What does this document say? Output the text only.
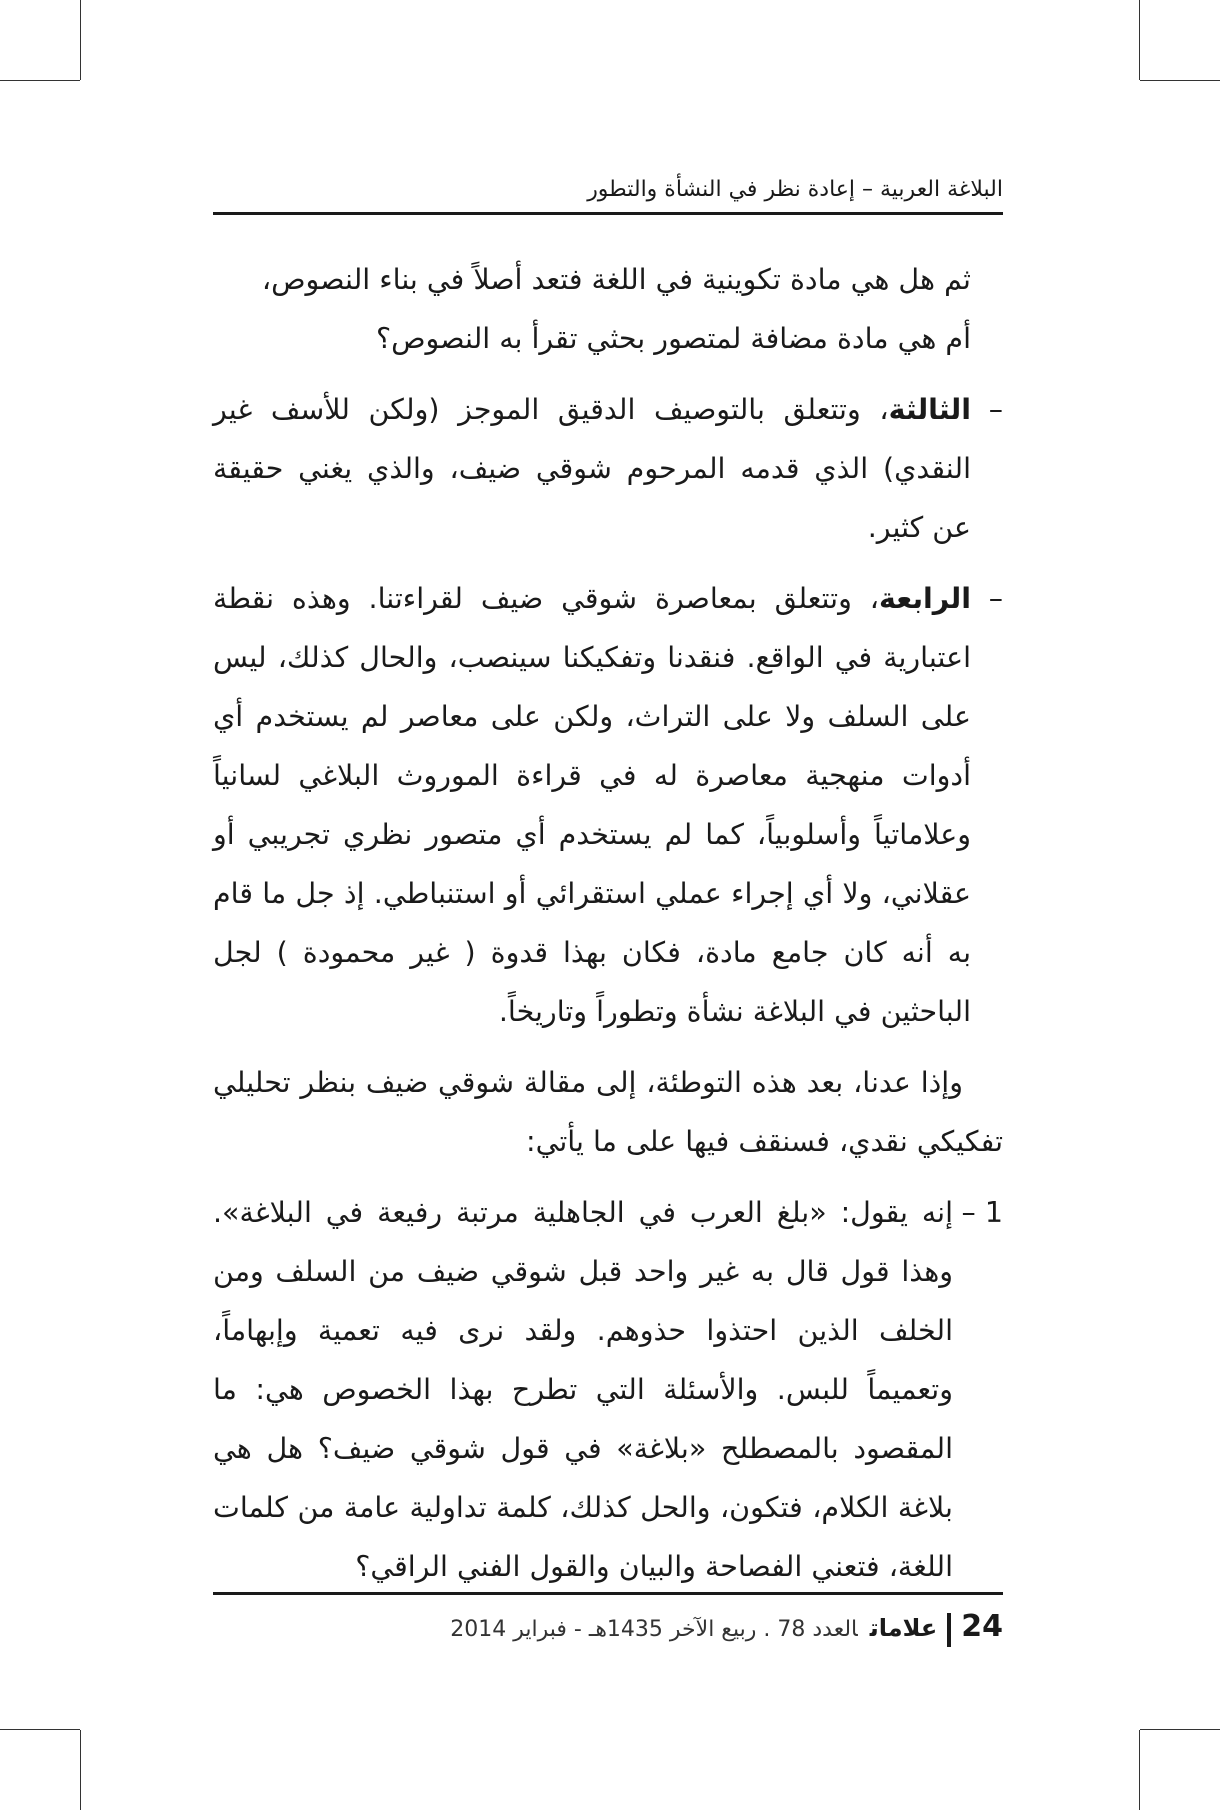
البلاغة العربية – إعادة نظر في النشأة والتطور

ثم هل هي مادة تكوينية في اللغة فتعد أصلاً في بناء النصوص،
أم هي مادة مضافة لمتصور بحثي تقرأ به النصوص؟

–
الثالثة، وتتعلق بالتوصيف الدقيق الموجز (ولكن للأسف غير النقدي) الذي قدمه المرحوم شوقي ضيف، والذي يغني حقيقة عن كثير.

–
الرابعة، وتتعلق بمعاصرة شوقي ضيف لقراءتنا. وهذه نقطة اعتبارية في الواقع. فنقدنا وتفكيكنا سينصب، والحال كذلك، ليس على السلف ولا على التراث، ولكن على معاصر لم يستخدم أي أدوات منهجية معاصرة له في قراءة الموروث البلاغي لسانياً وعلاماتياً وأسلوبياً، كما لم يستخدم أي متصور نظري تجريبي أو عقلاني، ولا أي إجراء عملي استقرائي أو استنباطي. إذ جل ما قام به أنه كان جامع مادة، فكان بهذا قدوة ( غير محمودة ) لجل الباحثين في البلاغة نشأة وتطوراً وتاريخاً.

وإذا عدنا، بعد هذه التوطئة، إلى مقالة شوقي ضيف بنظر تحليلي تفكيكي نقدي، فسنقف فيها على ما يأتي:

1 –
إنه يقول: «بلغ العرب في الجاهلية مرتبة رفيعة في البلاغة». وهذا قول قال به غير واحد قبل شوقي ضيف من السلف ومن الخلف الذين احتذوا حذوهم. ولقد نرى فيه تعمية وإبهاماً، وتعميماً للبس. والأسئلة التي تطرح بهذا الخصوص هي: ما المقصود بالمصطلح «بلاغة» في قول شوقي ضيف؟ هل هي بلاغة الكلام، فتكون، والحل كذلك، كلمة تداولية عامة من كلمات اللغة، فتعني الفصاحة والبيان والقول الفني الراقي؟

24علاماتالعدد 78 . ربيع الآخر 1435هـ - فبراير 2014
